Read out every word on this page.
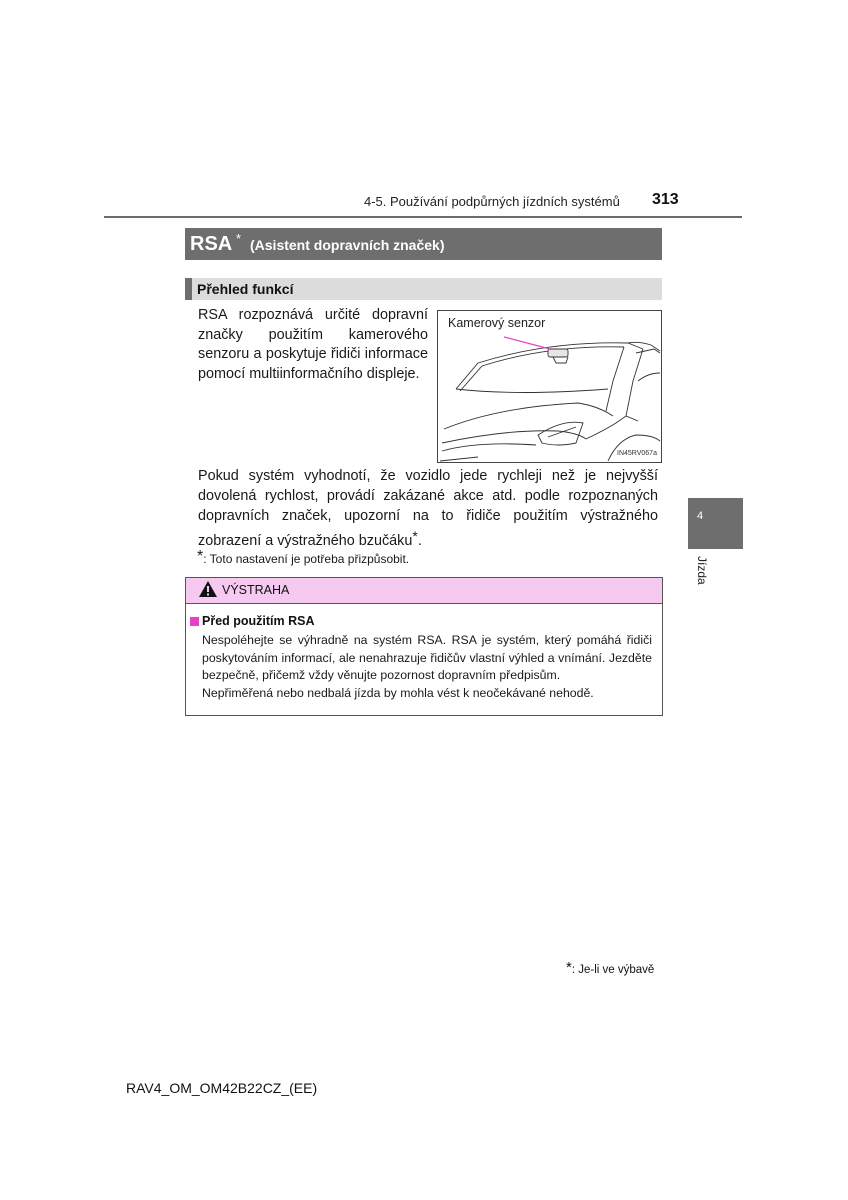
4-5. Používání podpůrných jízdních systémů 313
4
Jízda
RSA * (Asistent dopravních značek)
Přehled funkcí
RSA rozpoznává určité dopravní značky použitím kamerového senzoru a poskytuje řidiči informace pomocí multiinformačního displeje.
Kamerový senzor
IN45RV067a
Pokud systém vyhodnotí, že vozidlo jede rychleji než je nejvyšší dovolená rychlost, provádí zakázané akce atd. podle rozpoznaných dopravních značek, upozorní na to řidiče použitím výstražného zobrazení a výstražného bzučáku*.
*: Toto nastavení je potřeba přizpůsobit.
VÝSTRAHA
Před použitím RSA
Nespoléhejte se výhradně na systém RSA. RSA je systém, který pomáhá řidiči poskytováním informací, ale nenahrazuje řidičův vlastní výhled a vnímání. Jezděte bezpečně, přičemž vždy věnujte pozornost dopravním předpisům.
Nepřiměřená nebo nedbalá jízda by mohla vést k neočekávané nehodě.
*: Je-li ve výbavě
RAV4_OM_OM42B22CZ_(EE)
